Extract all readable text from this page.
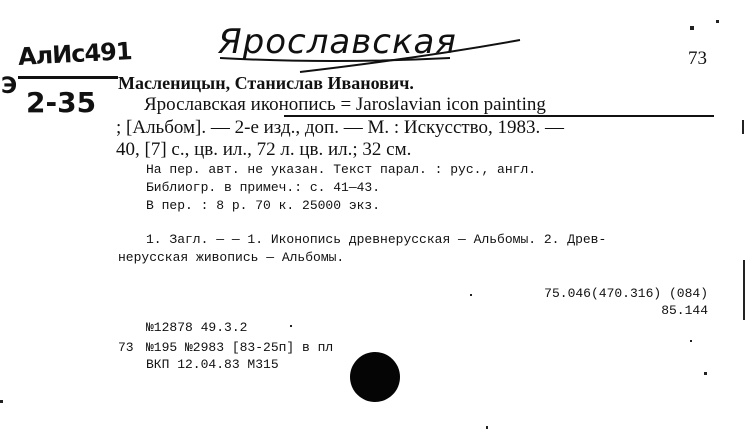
АлИс491
Э 2-35
Ярославская	73
Масленицын, Станислав Иванович.
Ярославская иконопись = Jaroslavian icon painting
; [Альбом]. — 2-е изд., доп. — М. : Искусство, 1983. —
40, [7] с., цв. ил., 72 л. цв. ил.; 32 см.
На пер. авт. не указан. Текст парал. : рус., англ.
Библиогр. в примеч.: с. 41—43.
В пер. : 8 р. 70 к. 25000 экз.
1. Загл. — — 1. Иконопись древнерусская — Альбомы. 2. Древ-
нерусская живопись — Альбомы.
75.046(470.316) (084)
85.144
№12878 49.3.2
73 №195 №2983 [83-25п] в пл
ВКП 12.04.83 М315
